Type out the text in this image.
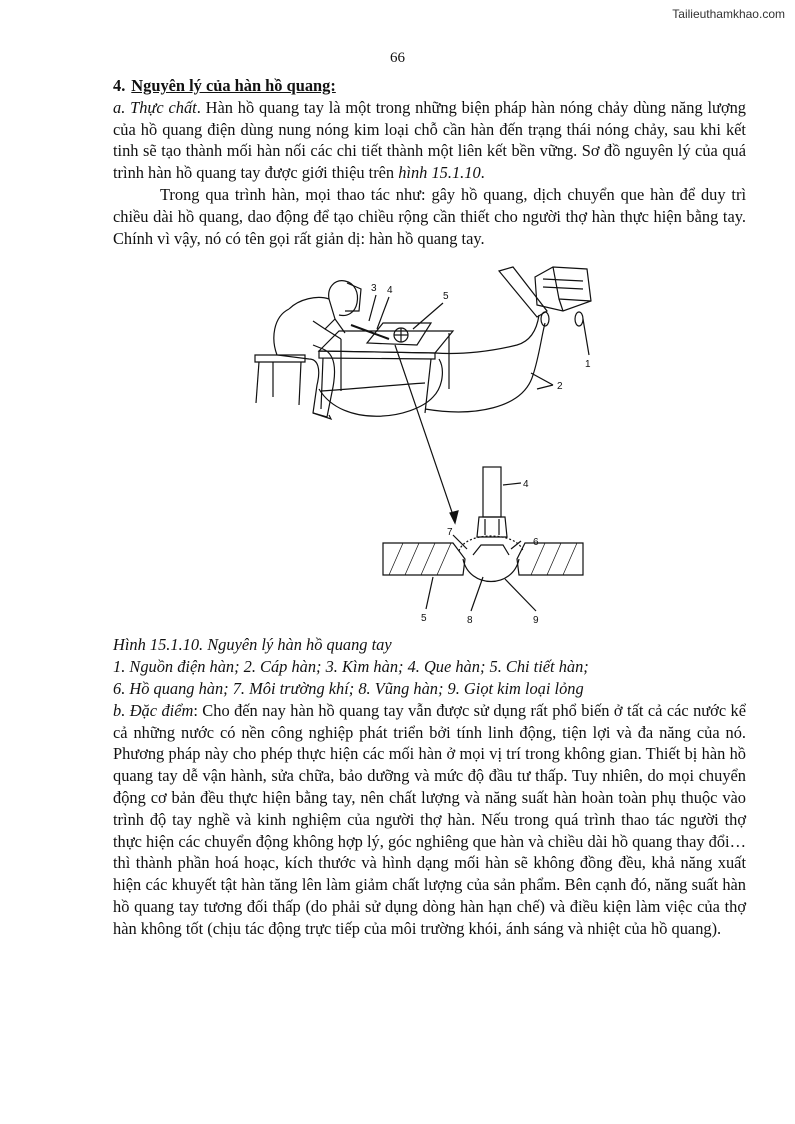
Tailieuthamkhao.com
66

4. Nguyên lý của hàn hồ quang:

a. Thực chất. Hàn hồ quang tay là một trong những biện pháp hàn nóng chảy dùng năng lượng của hồ quang điện dùng nung nóng kim loại chỗ cần hàn đến trạng thái nóng chảy, sau khi kết tinh sẽ tạo thành mối hàn nối các chi tiết thành một liên kết bền vững. Sơ đồ nguyên lý của quá trình hàn hồ quang tay được giới thiệu trên hình 15.1.10.

Trong qua trình hàn, mọi thao tác như: gây hồ quang, dịch chuyển que hàn để duy trì chiều dài hồ quang, dao động để tạo chiều rộng cần thiết cho người thợ hàn thực hiện bằng tay. Chính vì vậy, nó có tên gọi rất giản dị: hàn hồ quang tay.

3 4
5
1
2
4
7
6
5	8	9

Hình 15.1.10. Nguyên lý hàn hồ quang tay

1. Nguồn điện hàn; 2. Cáp hàn; 3. Kìm hàn; 4. Que hàn; 5. Chi tiết hàn;

6. Hồ quang hàn; 7. Môi trường khí; 8. Vũng hàn; 9. Giọt kim loại lỏng

b. Đặc điểm: Cho đến nay hàn hồ quang tay vẫn được sử dụng rất phổ biến ở tất cả các nước kể cả những nước có nền công nghiệp phát triển bởi tính linh động, tiện lợi và đa năng của nó. Phương pháp này cho phép thực hiện các mối hàn ở mọi vị trí trong không gian. Thiết bị hàn hồ quang tay dễ vận hành, sửa chữa, bảo dưỡng và mức độ đầu tư thấp. Tuy nhiên, do mọi chuyển động cơ bản đều thực hiện bằng tay, nên chất lượng và năng suất hàn hoàn toàn phụ thuộc vào trình độ tay nghề và kinh nghiệm của người thợ hàn. Nếu trong quá trình thao tác người thợ thực hiện các chuyển động không hợp lý, góc nghiêng que hàn và chiều dài hồ quang thay đổi… thì thành phần hoá hoạc, kích thước và hình dạng mối hàn sẽ không đồng đều, khả năng xuất hiện các khuyết tật hàn tăng lên làm giảm chất lượng của sản phẩm. Bên cạnh đó, năng suất hàn hồ quang tay tương đối thấp (do phải sử dụng dòng hàn hạn chế) và điều kiện làm việc của thợ hàn không tốt (chịu tác động trực tiếp của môi trường khói, ánh sáng và nhiệt của hồ quang).
